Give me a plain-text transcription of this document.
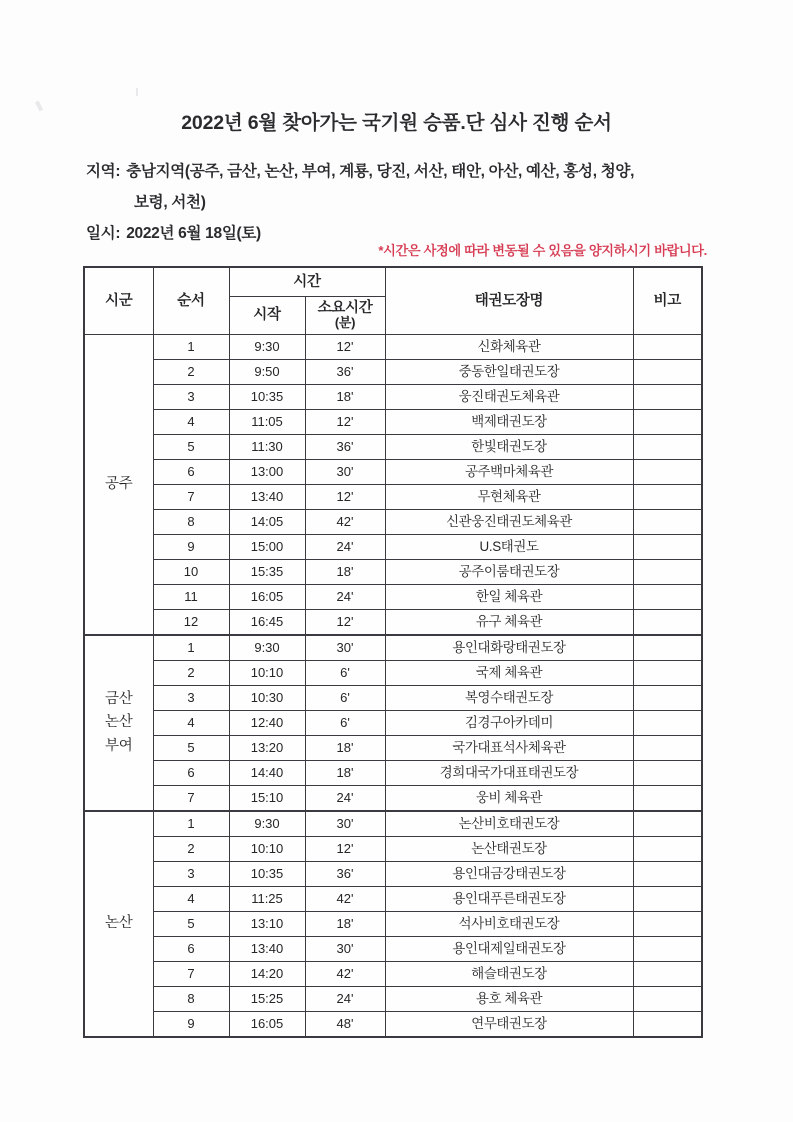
2022년 6월 찾아가는 국기원 승품.단 심사 진행 순서
지역: 충남지역(공주, 금산, 논산, 부여, 계룡, 당진, 서산, 태안, 아산, 예산, 홍성, 청양,
보령, 서천)
일시: 2022년 6월 18일(토)
*시간은 사정에 따라 변동될 수 있음을 양지하시기 바랍니다.
시군	순서	시간		태권도장명	비고
		시작	소요시간
(분)		

공주	1	9:30	12'	신화체육관	
	2	9:50	36'	중동한일태권도장	
	3	10:35	18'	웅진태권도체육관	
	4	11:05	12'	백제태권도장	
	5	11:30	36'	한빛태권도장	
	6	13:00	30'	공주백마체육관	
	7	13:40	12'	무현체육관	
	8	14:05	42'	신관웅진태권도체육관	
	9	15:00	24'	U.S태권도	
	10	15:35	18'	공주이룸태권도장	
	11	16:05	24'	한일 체육관	
	12	16:45	12'	유구 체육관	
금산
논산
부여	1	9:30	30'	용인대화랑태권도장	
	2	10:10	6'	국제 체육관	
	3	10:30	6'	복영수태권도장	
	4	12:40	6'	김경구아카데미	
	5	13:20	18'	국가대표석사체육관	
	6	14:40	18'	경희대국가대표태권도장	
	7	15:10	24'	웅비 체육관	
논산	1	9:30	30'	논산비호태권도장	
	2	10:10	12'	논산태권도장	
	3	10:35	36'	용인대금강태권도장	
	4	11:25	42'	용인대푸른태권도장	
	5	13:10	18'	석사비호태권도장	
	6	13:40	30'	용인대제일태권도장	
	7	14:20	42'	해슬태권도장	
	8	15:25	24'	용호 체육관	
	9	16:05	48'	연무태권도장	
